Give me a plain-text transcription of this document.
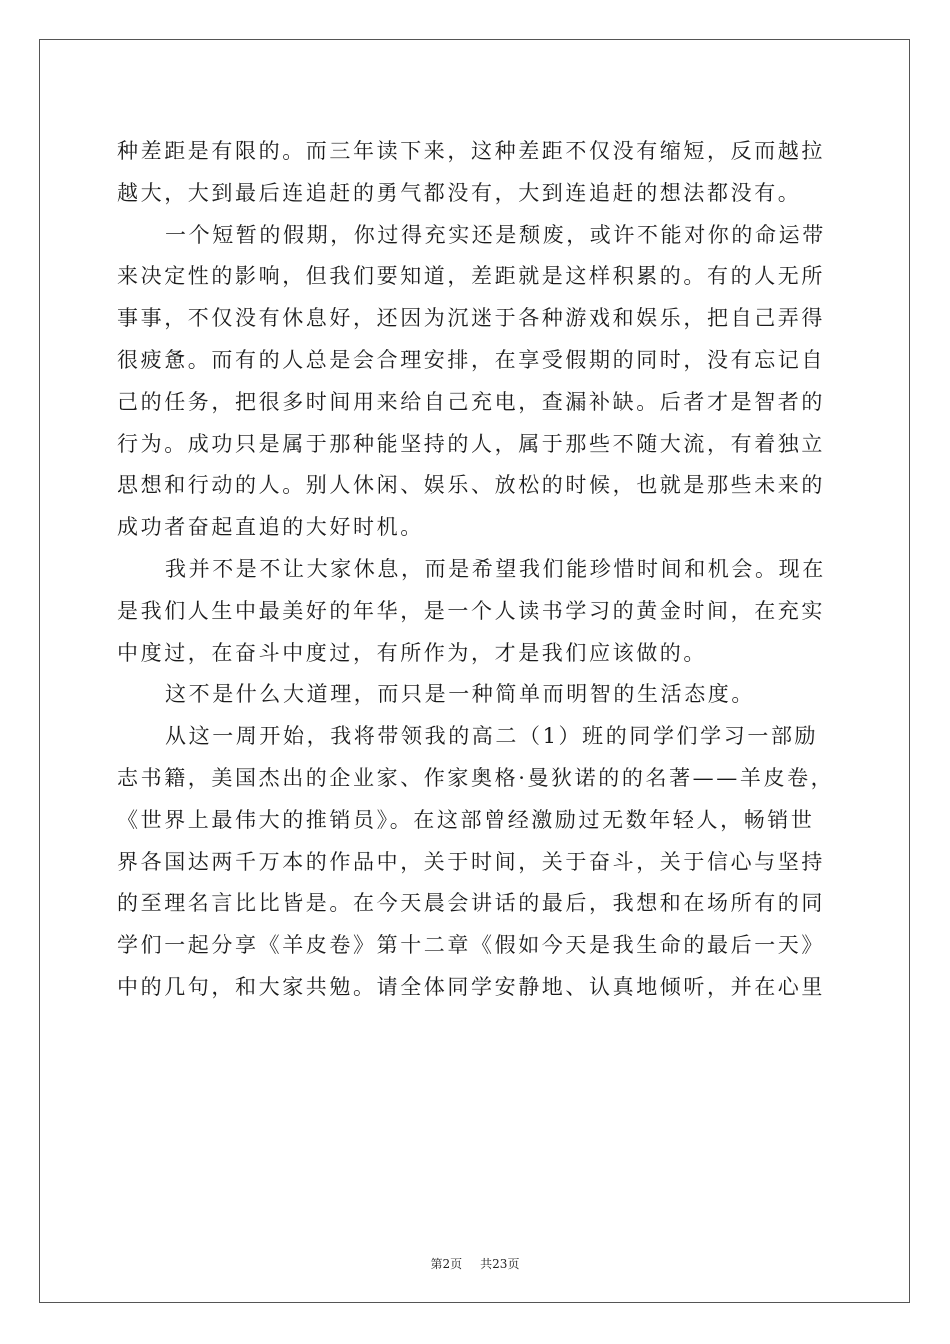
种差距是有限的。而三年读下来，这种差距不仅没有缩短，反而越拉
越大，大到最后连追赶的勇气都没有，大到连追赶的想法都没有。
一个短暂的假期，你过得充实还是颓废，或许不能对你的命运带
来决定性的影响，但我们要知道，差距就是这样积累的。有的人无所
事事，不仅没有休息好，还因为沉迷于各种游戏和娱乐，把自己弄得
很疲惫。而有的人总是会合理安排，在享受假期的同时，没有忘记自
己的任务，把很多时间用来给自己充电，查漏补缺。后者才是智者的
行为。成功只是属于那种能坚持的人，属于那些不随大流，有着独立
思想和行动的人。别人休闲、娱乐、放松的时候，也就是那些未来的
成功者奋起直追的大好时机。
我并不是不让大家休息，而是希望我们能珍惜时间和机会。现在
是我们人生中最美好的年华，是一个人读书学习的黄金时间，在充实
中度过，在奋斗中度过，有所作为，才是我们应该做的。
这不是什么大道理，而只是一种简单而明智的生活态度。
从这一周开始，我将带领我的高二（1）班的同学们学习一部励
志书籍，美国杰出的企业家、作家奥格·曼狄诺的的名著——羊皮卷，
《世界上最伟大的推销员》。在这部曾经激励过无数年轻人，畅销世
界各国达两千万本的作品中，关于时间，关于奋斗，关于信心与坚持
的至理名言比比皆是。在今天晨会讲话的最后，我想和在场所有的同
学们一起分享《羊皮卷》第十二章《假如今天是我生命的最后一天》
中的几句，和大家共勉。请全体同学安静地、认真地倾听，并在心里
第2页 共23页
